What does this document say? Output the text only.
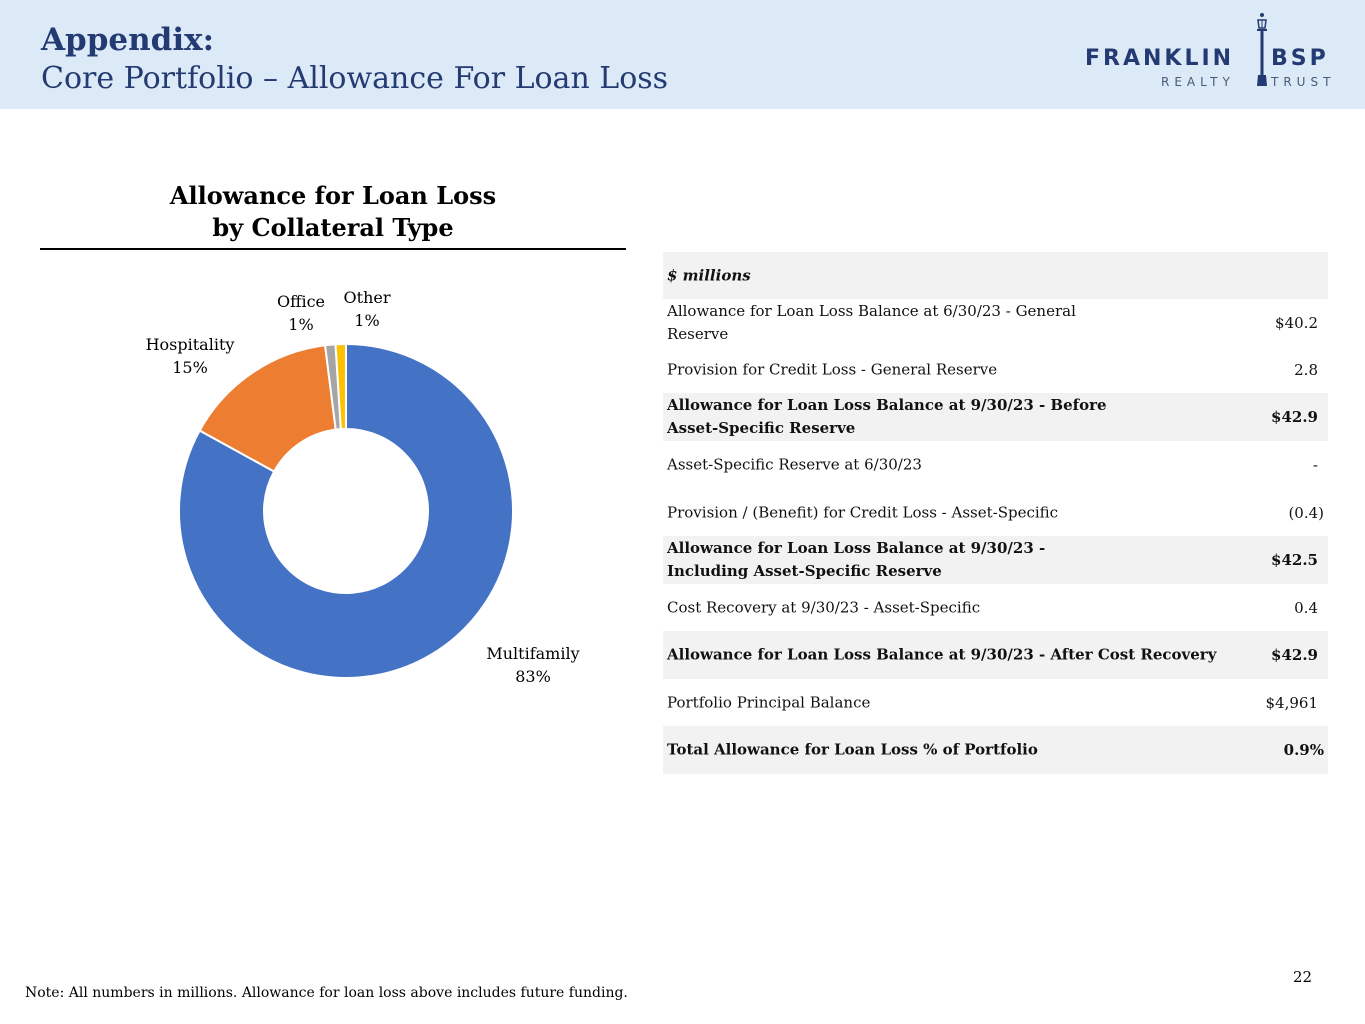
Appendix:
Core Portfolio – Allowance For Loan Loss
FRANKLIN BSP
REALTY	TRUST
Allowance for Loan Loss
by Collateral Type
Multifamily 83%
Hospitality 15%
Office 1%
Other 1%
$ millions
Allowance for Loan Loss Balance at 6/30/23 - General Reserve
$40.2
Provision for Credit Loss - General Reserve	2.8
Allowance for Loan Loss Balance at 9/30/23 - Before Asset-Specific Reserve
$42.9
Asset-Specific Reserve at 6/30/23	-
Provision / (Benefit) for Credit Loss - Asset-Specific	(0.4)
Allowance for Loan Loss Balance at 9/30/23 - Including Asset-Specific Reserve
$42.5
Cost Recovery at 9/30/23 - Asset-Specific	0.4
Allowance for Loan Loss Balance at 9/30/23 - After Cost Recovery	$42.9
Portfolio Principal Balance	$4,961
Total Allowance for Loan Loss % of Portfolio	0.9%
Note: All numbers in millions. Allowance for loan loss above includes future funding.
22
